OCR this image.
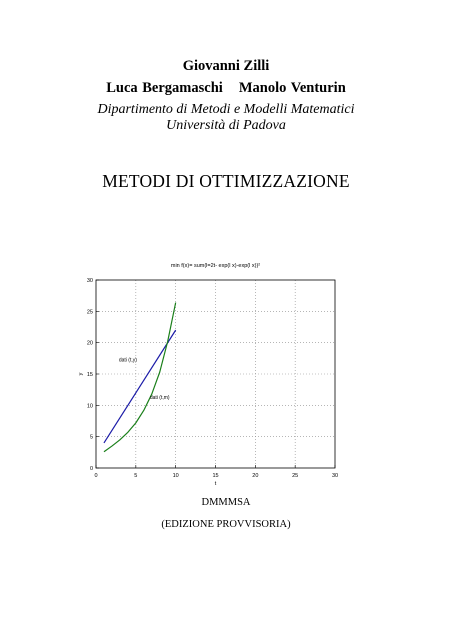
Giovanni Zilli
Luca Bergamaschi Manolo Venturin
Dipartimento di Metodi e Modelli Matematici
Università di Padova
METODI DI OTTIMIZZAZIONE
0	5	10	15	20	25	30
0
5
10
15
20
25
30
min f(x)= sum(l=2t- exp(l x)-exp(l x))²
t
y
dati (t,y)
dati (t,m)
DMMMSA
(EDIZIONE PROVVISORIA)
